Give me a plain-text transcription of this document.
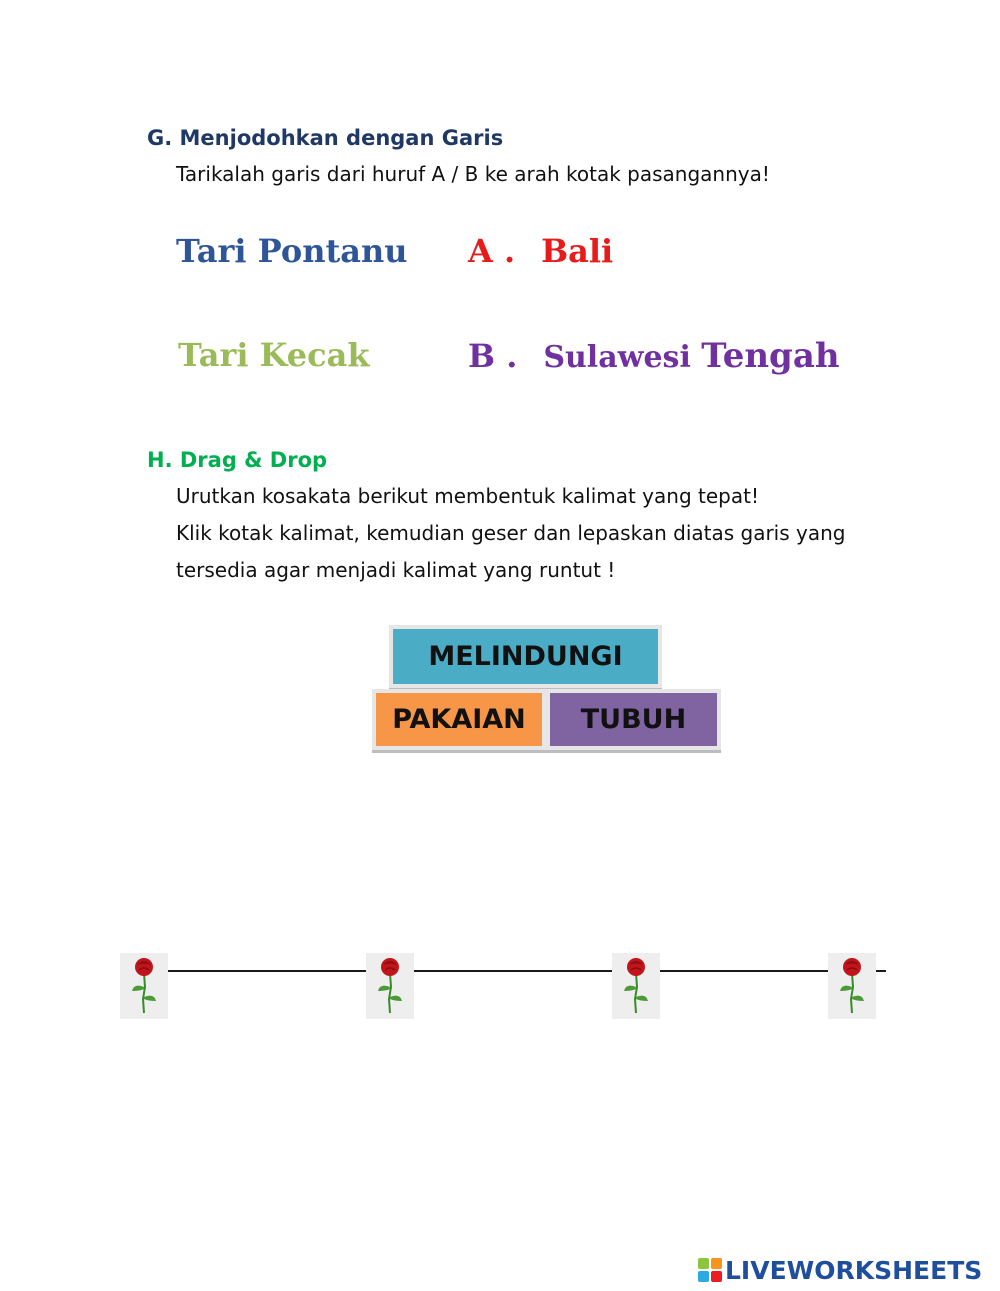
G. Menjodohkan dengan Garis
Tarikalah garis dari huruf A / B ke arah kotak pasangannya!
Tari Pontanu
Tari Kecak
A . Bali
B . Sulawesi Tengah
H. Drag & Drop
Urutkan kosakata berikut membentuk kalimat yang tepat!
Klik kotak kalimat, kemudian geser dan lepaskan diatas garis yang
tersedia agar menjadi kalimat yang runtut !
MELINDUNGI
PAKAIAN	TUBUH
LIVEWORKSHEETS
